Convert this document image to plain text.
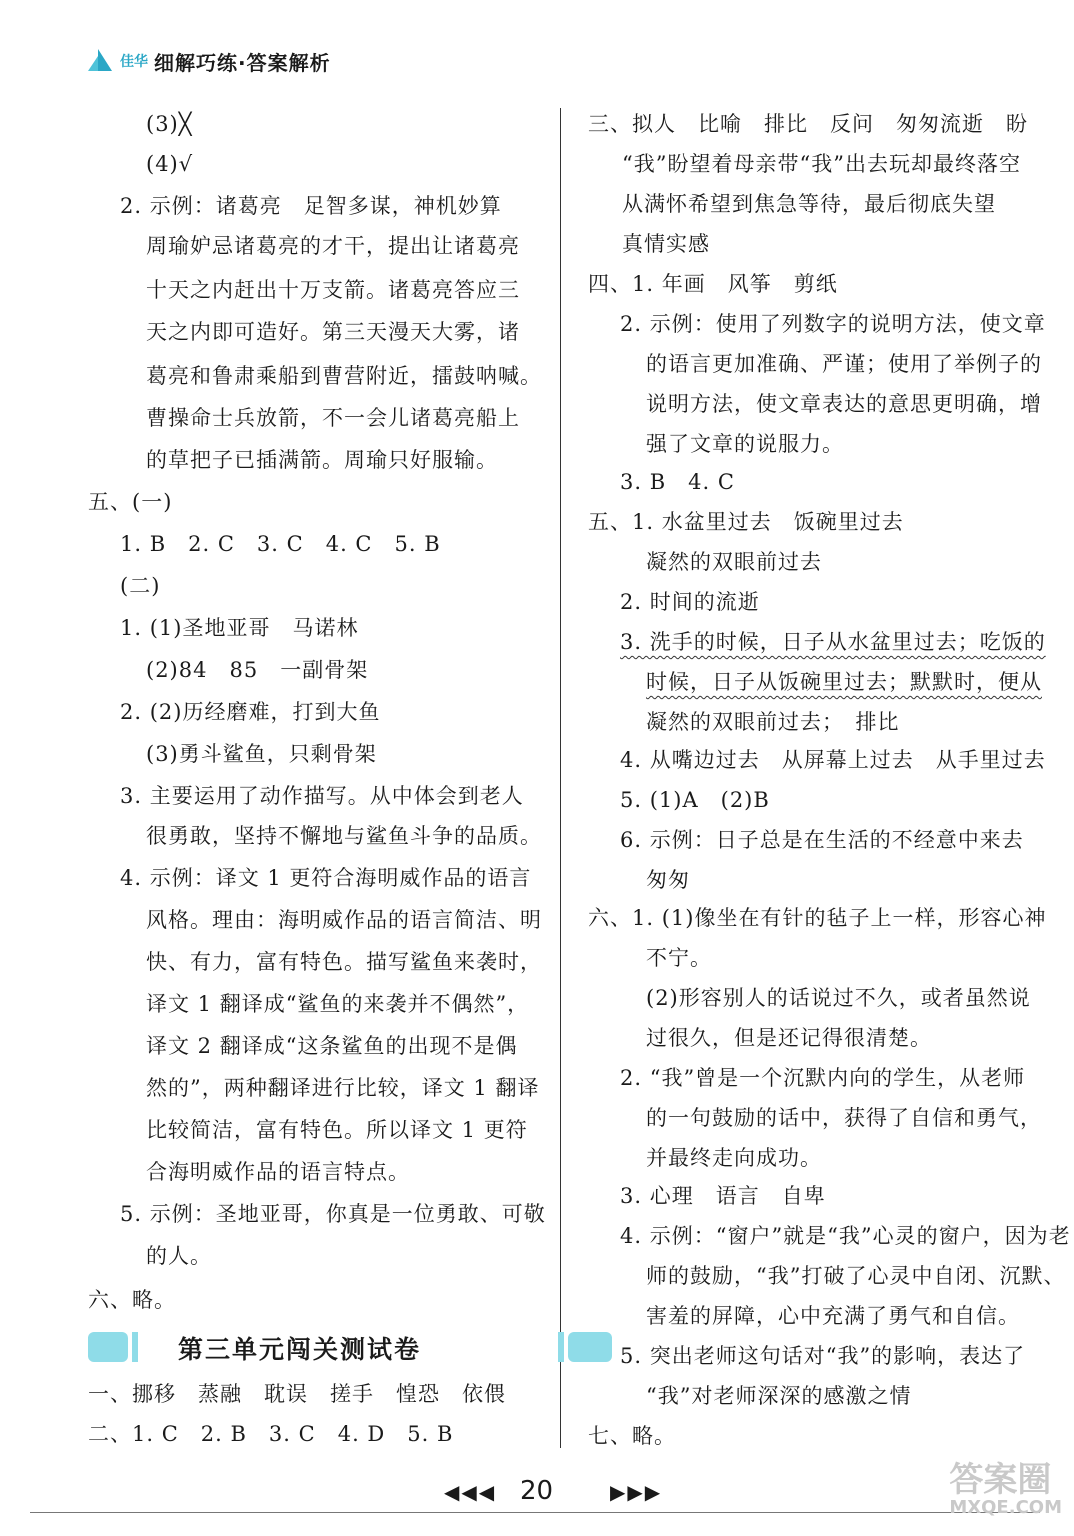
佳华 细解巧练·答案解析
(3)╳
(4)√
2. 示例：诸葛亮　足智多谋，神机妙算
周瑜妒忌诸葛亮的才干，提出让诸葛亮
十天之内赶出十万支箭。诸葛亮答应三
天之内即可造好。第三天漫天大雾，诸
葛亮和鲁肃乘船到曹营附近，擂鼓呐喊。
曹操命士兵放箭，不一会儿诸葛亮船上
的草把子已插满箭。周瑜只好服输。
五、(一)
1. B　2. C　3. C　4. C　5. B
(二)
1. (1)圣地亚哥　马诺林
(2)84　85　一副骨架
2. (2)历经磨难，打到大鱼
(3)勇斗鲨鱼，只剩骨架
3. 主要运用了动作描写。从中体会到老人
很勇敢，坚持不懈地与鲨鱼斗争的品质。
4. 示例：译文 1 更符合海明威作品的语言
风格。理由：海明威作品的语言简洁、明
快、有力，富有特色。描写鲨鱼来袭时，
译文 1 翻译成“鲨鱼的来袭并不偶然”，
译文 2 翻译成“这条鲨鱼的出现不是偶
然的”，两种翻译进行比较，译文 1 翻译
比较简洁，富有特色。所以译文 1 更符
合海明威作品的语言特点。
5. 示例：圣地亚哥，你真是一位勇敢、可敬
的人。
六、略。
第三单元闯关测试卷
一、挪移　蒸融　耽误　搓手　惶恐　依偎
二、1. C　2. B　3. C　4. D　5. B
三、拟人　比喻　排比　反问　匆匆流逝　盼
“我”盼望着母亲带“我”出去玩却最终落空
从满怀希望到焦急等待，最后彻底失望
真情实感
四、1. 年画　风筝　剪纸
2. 示例：使用了列数字的说明方法，使文章
的语言更加准确、严谨；使用了举例子的
说明方法，使文章表达的意思更明确，增
强了文章的说服力。
3. B　4. C
五、1. 水盆里过去　饭碗里过去
凝然的双眼前过去
2. 时间的流逝
3. 洗手的时候，日子从水盆里过去；吃饭的
时候，日子从饭碗里过去；默默时，便从
凝然的双眼前过去；　排比
4. 从嘴边过去　从屏幕上过去　从手里过去
5. (1)A　(2)B
6. 示例：日子总是在生活的不经意中来去
匆匆
六、1. (1)像坐在有针的毡子上一样，形容心神
不宁。
(2)形容别人的话说过不久，或者虽然说
过很久，但是还记得很清楚。
2. “我”曾是一个沉默内向的学生，从老师
的一句鼓励的话中，获得了自信和勇气，
并最终走向成功。
3. 心理　语言　自卑
4. 示例：“窗户”就是“我”心灵的窗户，因为老
师的鼓励，“我”打破了心灵中自闭、沉默、
害羞的屏障，心中充满了勇气和自信。
5. 突出老师这句话对“我”的影响，表达了
“我”对老师深深的感激之情
七、略。
◀◀◀ 20	▶▶▶	答案圈
MXQE.COM
